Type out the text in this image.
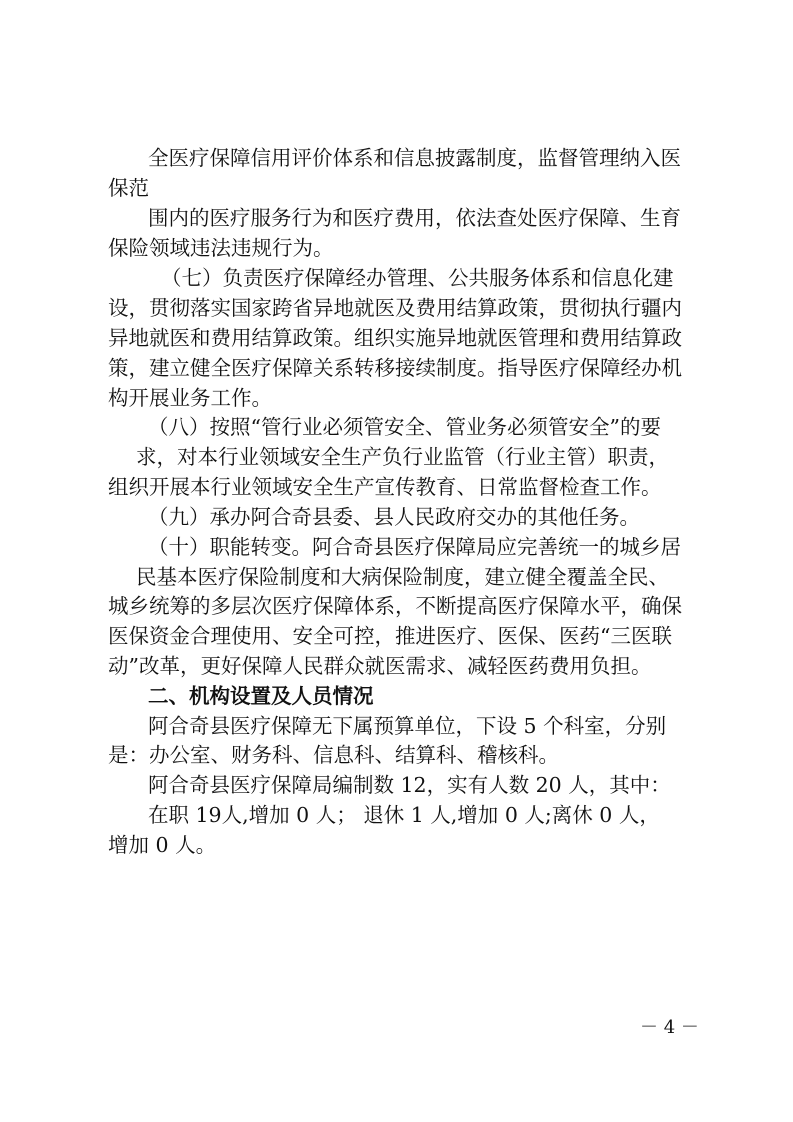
全医疗保障信用评价体系和信息披露制度，监督管理纳入医
保范
围内的医疗服务行为和医疗费用，依法查处医疗保障、生育
保险领域违法违规行为。
（七）负责医疗保障经办管理、公共服务体系和信息化建
设，贯彻落实国家跨省异地就医及费用结算政策，贯彻执行疆内
异地就医和费用结算政策。组织实施异地就医管理和费用结算政
策，建立健全医疗保障关系转移接续制度。指导医疗保障经办机
构开展业务工作。
（八）按照“管行业必须管安全、管业务必须管安全”的要
求，对本行业领域安全生产负行业监管（行业主管）职责，
组织开展本行业领域安全生产宣传教育、日常监督检查工作。
（九）承办阿合奇县委、县人民政府交办的其他任务。
（十）职能转变。阿合奇县医疗保障局应完善统一的城乡居
民基本医疗保险制度和大病保险制度，建立健全覆盖全民、
城乡统筹的多层次医疗保障体系，不断提高医疗保障水平，确保
医保资金合理使用、安全可控，推进医疗、医保、医药“三医联
动”改革，更好保障人民群众就医需求、减轻医药费用负担。
二、机构设置及人员情况
阿合奇县医疗保障无下属预算单位，下设 5 个科室，分别
是：办公室、财务科、信息科、结算科、稽核科。
阿合奇县医疗保障局编制数 12，实有人数 20 人，其中：
在职 19人,增加 0 人； 退休 1 人,增加 0 人;离休 0 人，
增加 0 人。
－ 4 －
